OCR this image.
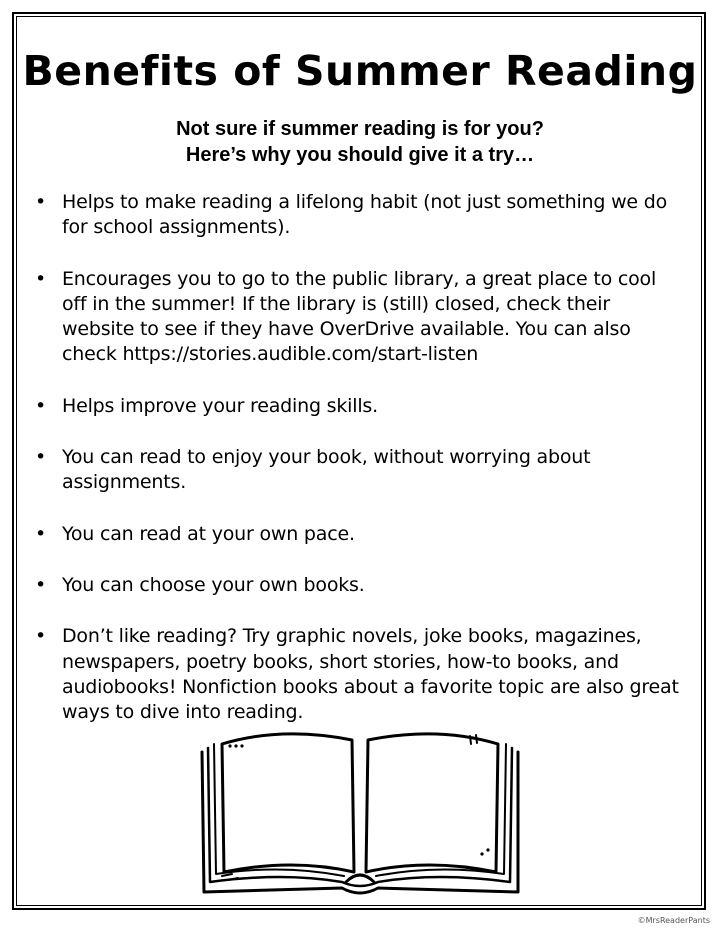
Benefits of Summer Reading
Not sure if summer reading is for you?
Here’s why you should give it a try…
• Helps to make reading a lifelong habit (not just something we do for school assignments).
• Encourages you to go to the public library, a great place to cool off in the summer! If the library is (still) closed, check their website to see if they have OverDrive available. You can also check https://stories.audible.com/start-listen
• Helps improve your reading skills.
• You can read to enjoy your book, without worrying about assignments.
• You can read at your own pace.
• You can choose your own books.
• Don’t like reading? Try graphic novels, joke books, magazines, newspapers, poetry books, short stories, how-to books, and audiobooks! Nonfiction books about a favorite topic are also great ways to dive into reading.
©MrsReaderPants
